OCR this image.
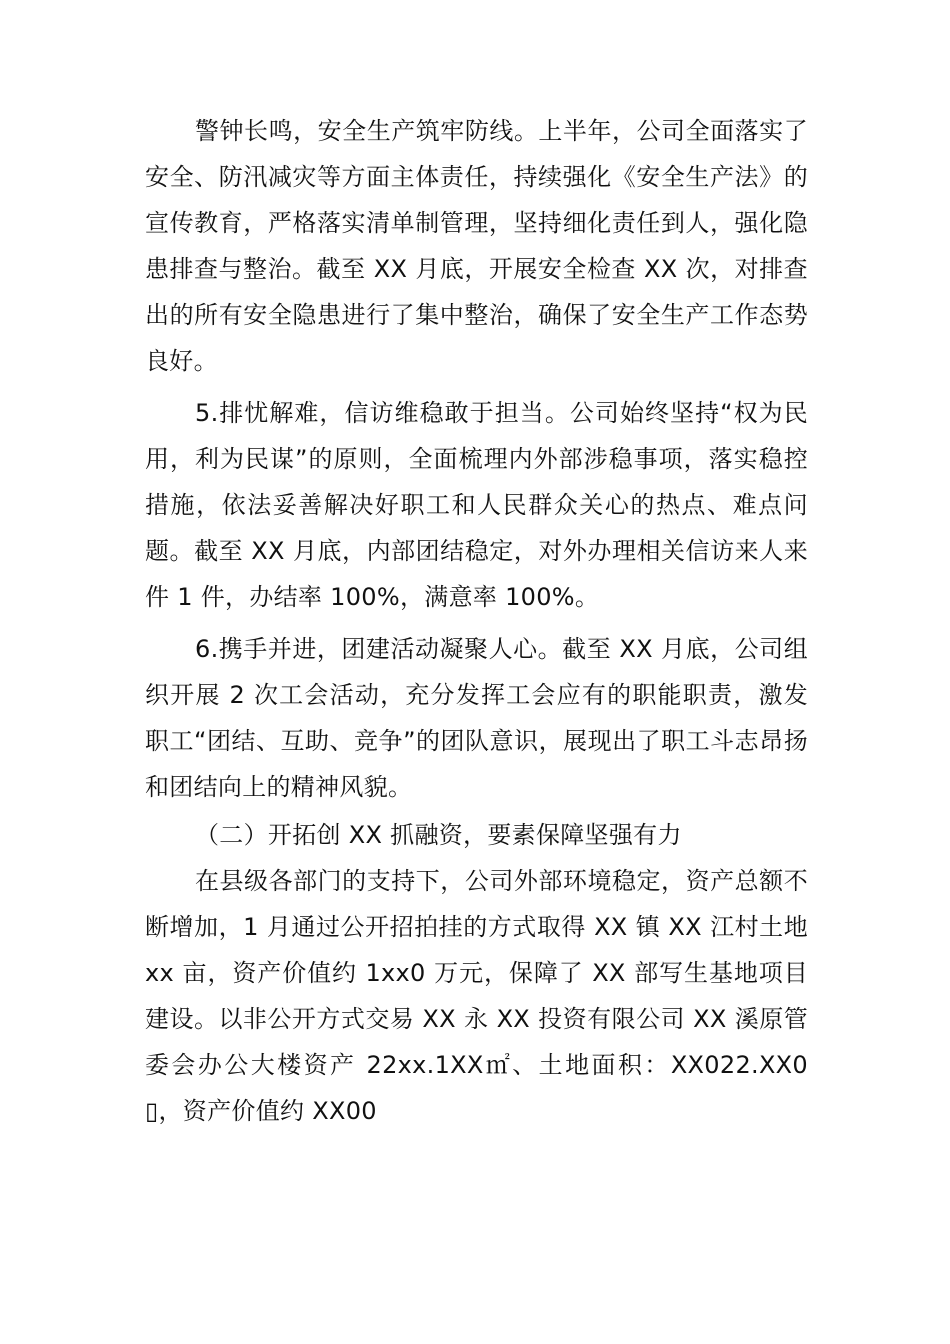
警钟长鸣，安全生产筑牢防线。上半年，公司全面落实了安全、防汛减灾等方面主体责任，持续强化《安全生产法》的宣传教育，严格落实清单制管理，坚持细化责任到人，强化隐患排查与整治。截至 XX 月底，开展安全检查 XX 次，对排查出的所有安全隐患进行了集中整治，确保了安全生产工作态势良好。

5.排忧解难，信访维稳敢于担当。公司始终坚持“权为民用，利为民谋”的原则，全面梳理内外部涉稳事项，落实稳控措施，依法妥善解决好职工和人民群众关心的热点、难点问题。截至 XX 月底，内部团结稳定，对外办理相关信访来人来件 1 件，办结率 100%，满意率 100%。

6.携手并进，团建活动凝聚人心。截至 XX 月底，公司组织开展 2 次工会活动，充分发挥工会应有的职能职责，激发职工“团结、互助、竞争”的团队意识，展现出了职工斗志昂扬和团结向上的精神风貌。

（二）开拓创 XX 抓融资，要素保障坚强有力

在县级各部门的支持下，公司外部环境稳定，资产总额不断增加，1 月通过公开招拍挂的方式取得 XX 镇 XX 江村土地 xx 亩，资产价值约 1xx0 万元，保障了 XX 部写生基地项目建设。以非公开方式交易 XX 永 XX 投资有限公司 XX 溪原管委会办公大楼资产 22xx.1XX㎡、土地面积：XX022.XX0▯，资产价值约 XX00
